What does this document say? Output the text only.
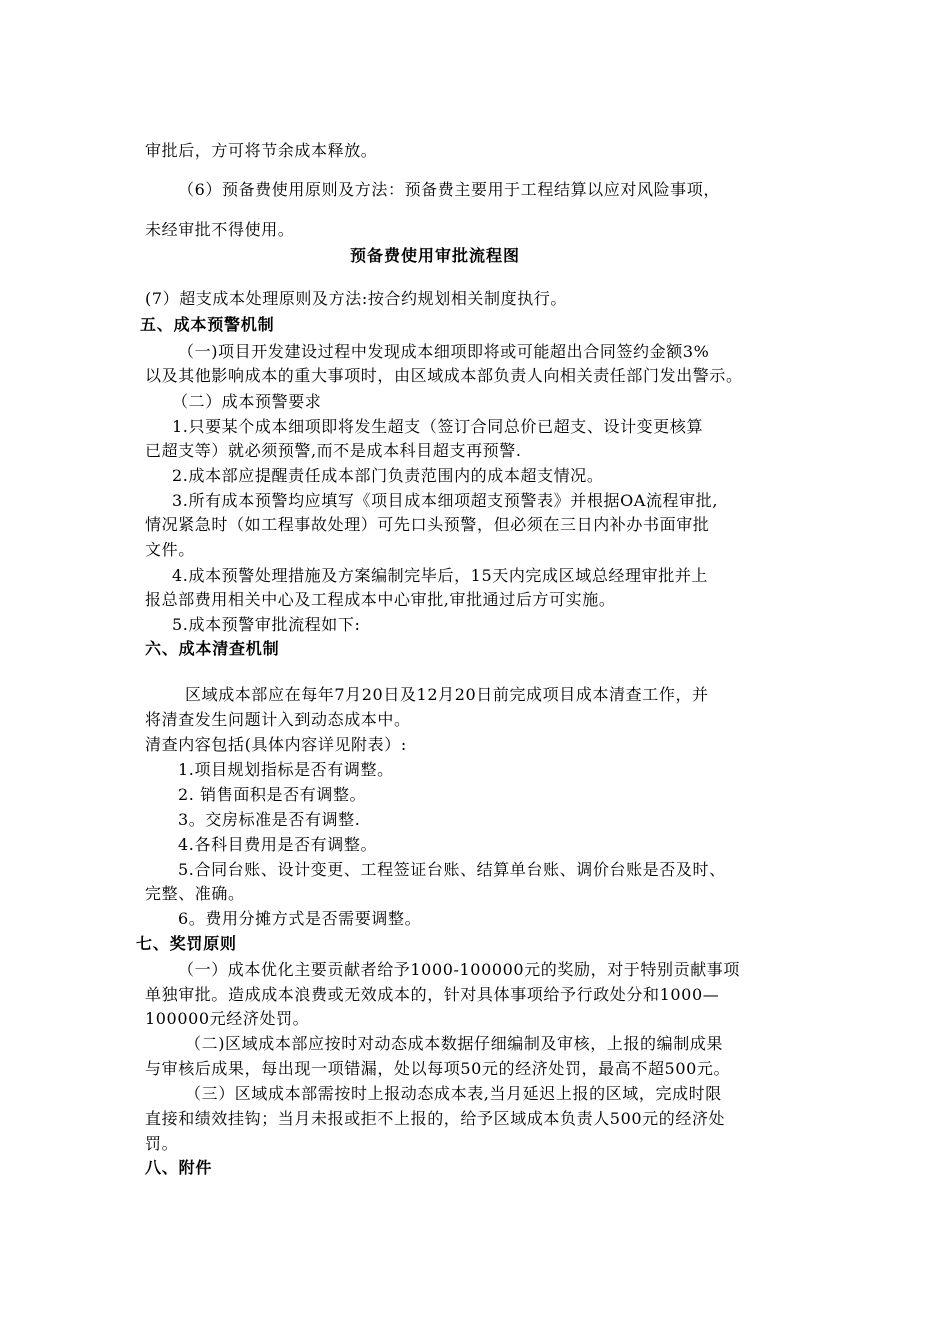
审批后，方可将节余成本释放。
（6）预备费使用原则及方法：预备费主要用于工程结算以应对风险事项，
未经审批不得使用。
预备费使用审批流程图
(7）超支成本处理原则及方法:按合约规划相关制度执行。
五、成本预警机制
（一)项目开发建设过程中发现成本细项即将或可能超出合同签约金额3%
以及其他影响成本的重大事项时，由区域成本部负责人向相关责任部门发出警示。
（二）成本预警要求
1.只要某个成本细项即将发生超支（签订合同总价已超支、设计变更核算
已超支等）就必须预警,而不是成本科目超支再预警.
2.成本部应提醒责任成本部门负责范围内的成本超支情况。
3.所有成本预警均应填写《项目成本细项超支预警表》并根据OA流程审批,
情况紧急时（如工程事故处理）可先口头预警，但必须在三日内补办书面审批
文件。
4.成本预警处理措施及方案编制完毕后，15天内完成区域总经理审批并上
报总部费用相关中心及工程成本中心审批,审批通过后方可实施。
5.成本预警审批流程如下:
六、成本清查机制
区域成本部应在每年7月20日及12月20日前完成项目成本清查工作，并
将清查发生问题计入到动态成本中。
清查内容包括(具体内容详见附表）:
1.项目规划指标是否有调整。
2. 销售面积是否有调整。
3。交房标准是否有调整.
4.各科目费用是否有调整。
5.合同台账、设计变更、工程签证台账、结算单台账、调价台账是否及时、
完整、准确。
6。费用分摊方式是否需要调整。
七、奖罚原则
（一）成本优化主要贡献者给予1000-100000元的奖励，对于特别贡献事项
单独审批。造成成本浪费或无效成本的，针对具体事项给予行政处分和1000—
100000元经济处罚。
（二)区域成本部应按时对动态成本数据仔细编制及审核，上报的编制成果
与审核后成果，每出现一项错漏，处以每项50元的经济处罚，最高不超500元。
（三）区域成本部需按时上报动态成本表,当月延迟上报的区域，完成时限
直接和绩效挂钩；当月未报或拒不上报的，给予区域成本负责人500元的经济处
罚。
八、附件
